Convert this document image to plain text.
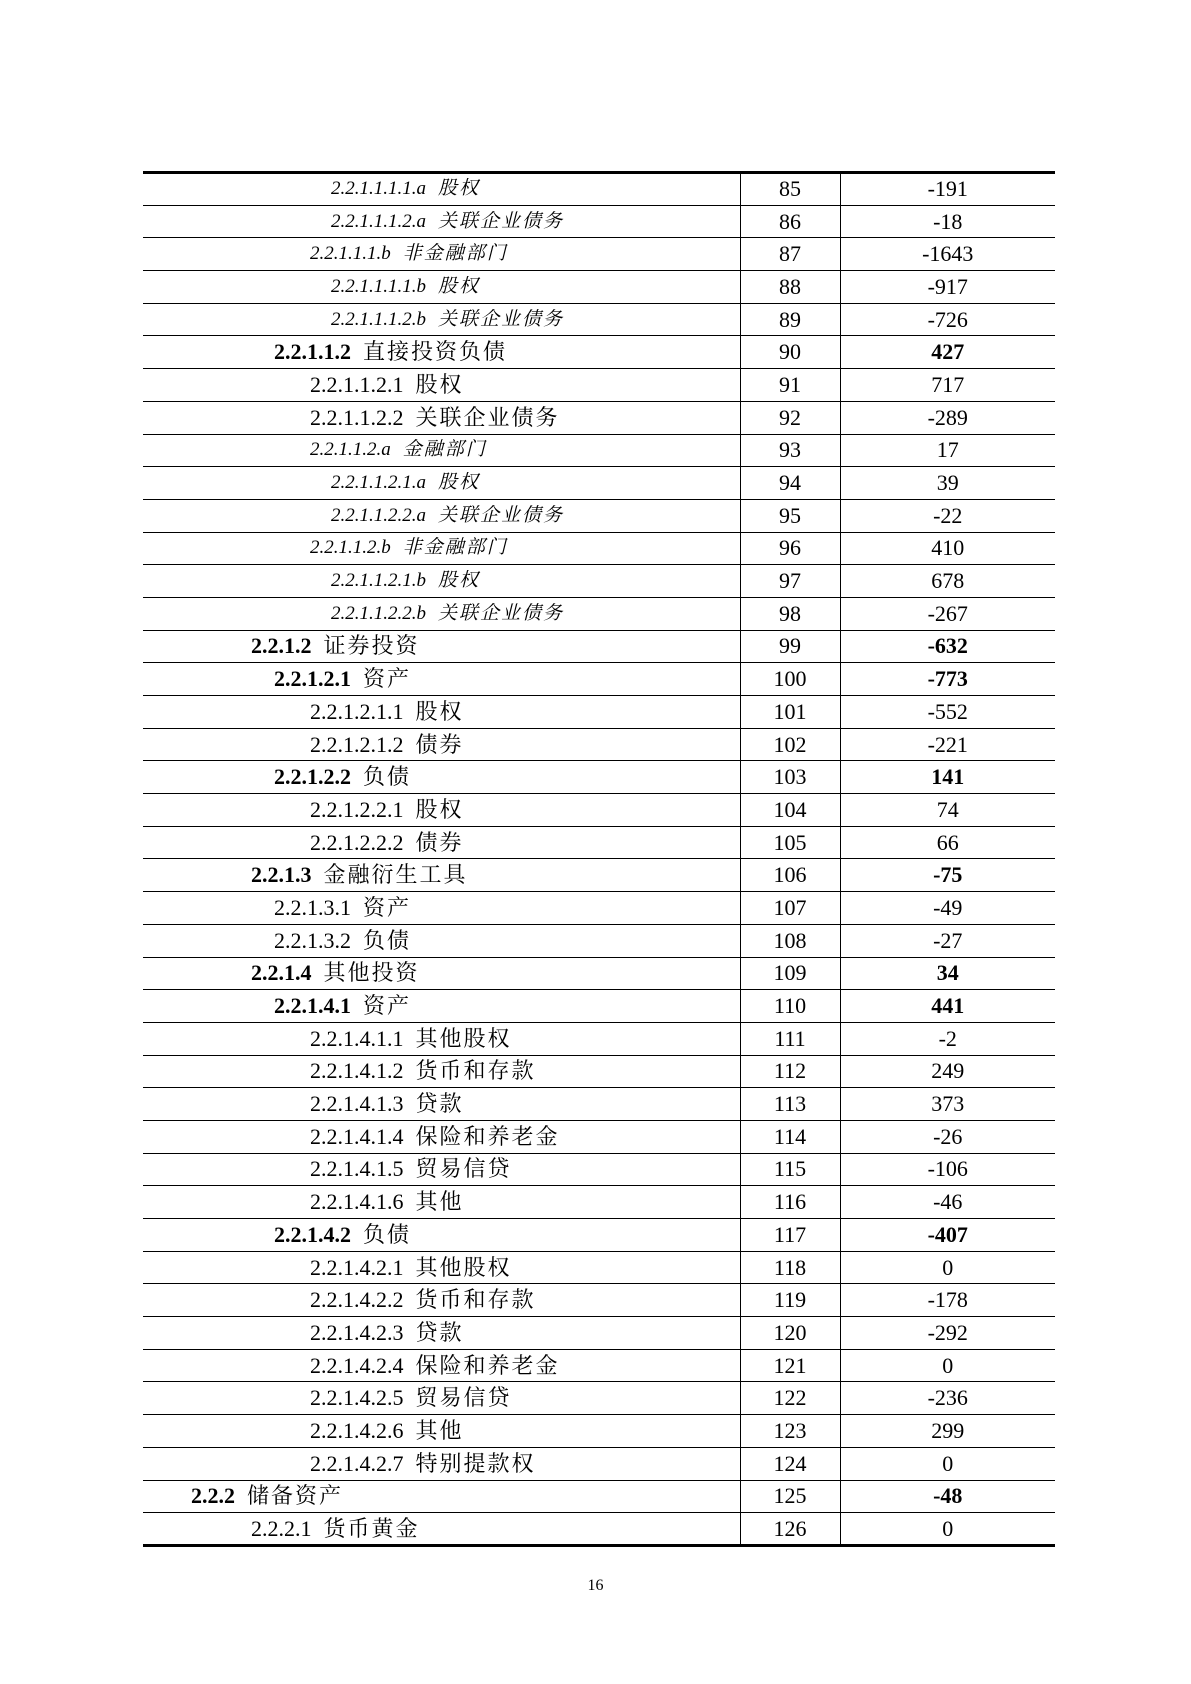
2.2.1.1.1.1.a 股权	85	-191
2.2.1.1.1.2.a 关联企业债务	86	-18
2.2.1.1.1.b 非金融部门	87	-1643
2.2.1.1.1.1.b 股权	88	-917
2.2.1.1.1.2.b 关联企业债务	89	-726
2.2.1.1.2 直接投资负债	90	427
2.2.1.1.2.1 股权	91	717
2.2.1.1.2.2 关联企业债务	92	-289
2.2.1.1.2.a 金融部门	93	17
2.2.1.1.2.1.a 股权	94	39
2.2.1.1.2.2.a 关联企业债务	95	-22
2.2.1.1.2.b 非金融部门	96	410
2.2.1.1.2.1.b 股权	97	678
2.2.1.1.2.2.b 关联企业债务	98	-267
2.2.1.2 证券投资	99	-632
2.2.1.2.1 资产	100	-773
2.2.1.2.1.1 股权	101	-552
2.2.1.2.1.2 债券	102	-221
2.2.1.2.2 负债	103	141
2.2.1.2.2.1 股权	104	74
2.2.1.2.2.2 债券	105	66
2.2.1.3 金融衍生工具	106	-75
2.2.1.3.1 资产	107	-49
2.2.1.3.2 负债	108	-27
2.2.1.4 其他投资	109	34
2.2.1.4.1 资产	110	441
2.2.1.4.1.1 其他股权	111	-2
2.2.1.4.1.2 货币和存款	112	249
2.2.1.4.1.3 贷款	113	373
2.2.1.4.1.4 保险和养老金	114	-26
2.2.1.4.1.5 贸易信贷	115	-106
2.2.1.4.1.6 其他	116	-46
2.2.1.4.2 负债	117	-407
2.2.1.4.2.1 其他股权	118	0
2.2.1.4.2.2 货币和存款	119	-178
2.2.1.4.2.3 贷款	120	-292
2.2.1.4.2.4 保险和养老金	121	0
2.2.1.4.2.5 贸易信贷	122	-236
2.2.1.4.2.6 其他	123	299
2.2.1.4.2.7 特别提款权	124	0
2.2.2 储备资产	125	-48
2.2.2.1 货币黄金	126	0
16
